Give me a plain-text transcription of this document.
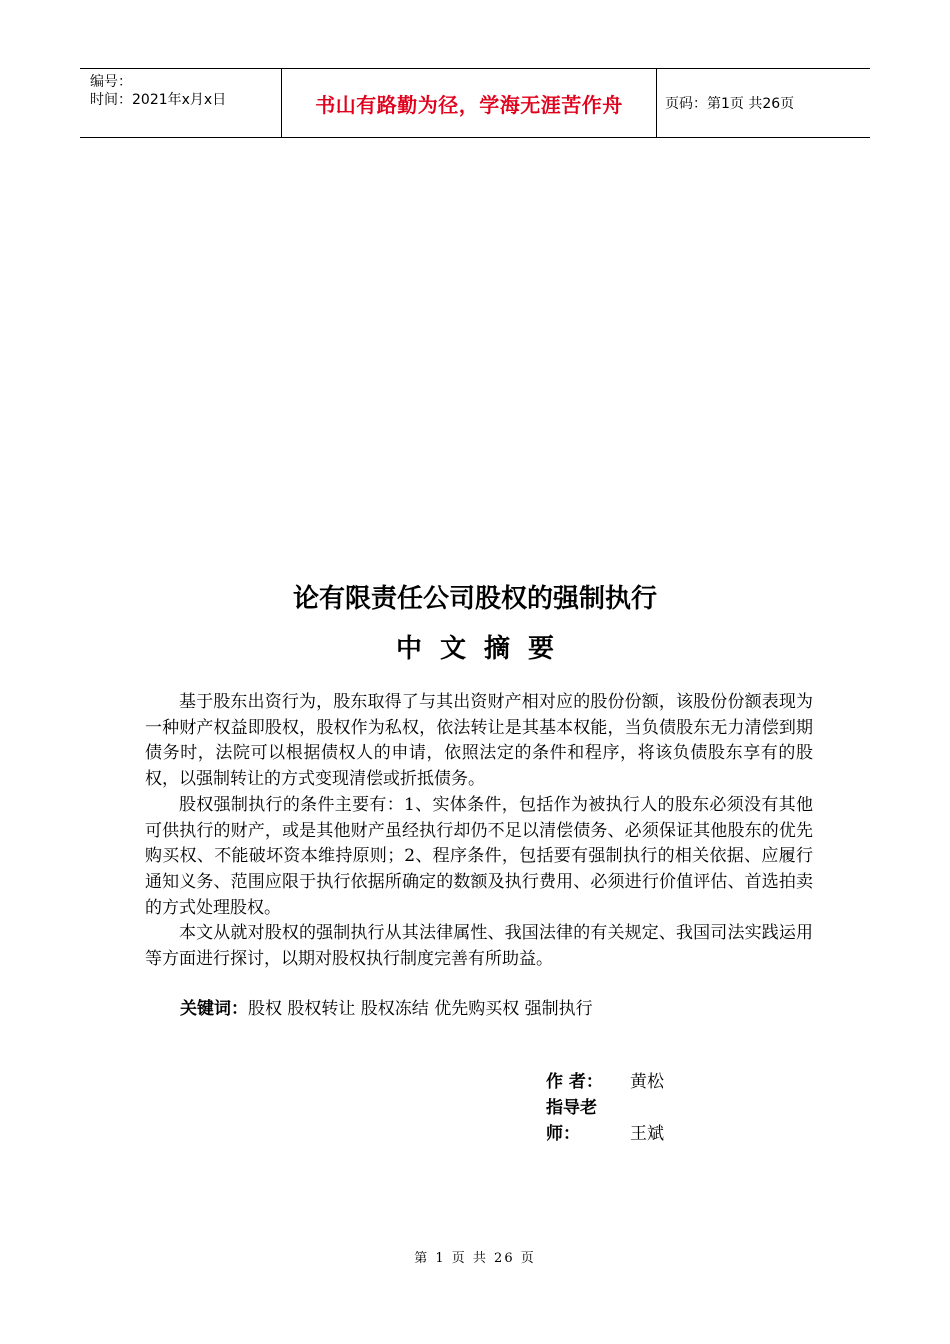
编号：
时间：2021年x月x日	书山有路勤为径，学海无涯苦作舟	页码：第1页 共26页
论有限责任公司股权的强制执行
中文摘要

基于股东出资行为，股东取得了与其出资财产相对应的股份份额，该股份份额表现为一种财产权益即股权，股权作为私权，依法转让是其基本权能，当负债股东无力清偿到期债务时，法院可以根据债权人的申请，依照法定的条件和程序，将该负债股东享有的股权，以强制转让的方式变现清偿或折抵债务。

股权强制执行的条件主要有：1、实体条件，包括作为被执行人的股东必须没有其他可供执行的财产，或是其他财产虽经执行却仍不足以清偿债务、必须保证其他股东的优先购买权、不能破坏资本维持原则；2、程序条件，包括要有强制执行的相关依据、应履行通知义务、范围应限于执行依据所确定的数额及执行费用、必须进行价值评估、首选拍卖的方式处理股权。

本文从就对股权的强制执行从其法律属性、我国法律的有关规定、我国司法实践运用等方面进行探讨，以期对股权执行制度完善有所助益。

关键词：股权 股权转让 股权冻结 优先购买权 强制执行
作 者： 黄松
指导老师：	王斌
第 1 页 共 26 页
